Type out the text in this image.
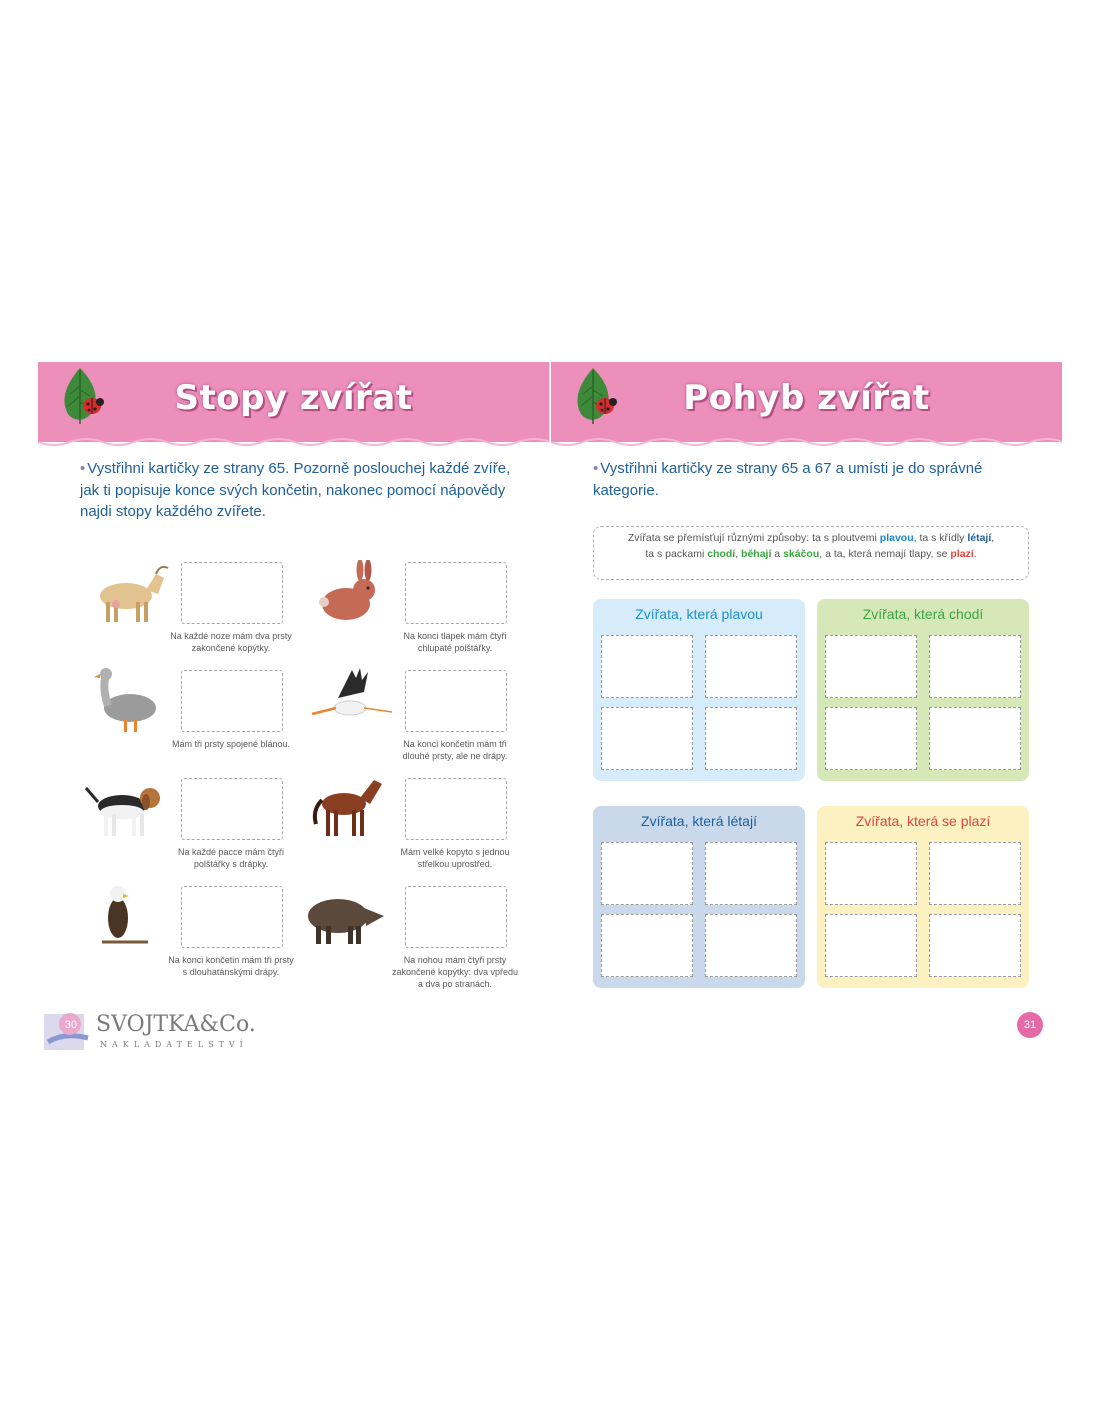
Stopy zvířat
• Vystřihni kartičky ze strany 65. Pozorně poslouchej každé zvíře, jak ti popisuje konce svých končetin, nakonec pomocí nápovědy najdi stopy každého zvířete.
Na každé noze mám dva prsty zakončené kopýtky.
Na konci tlapek mám čtyři chlupaté polštářky.
Mám tři prsty spojené blánou.	Na konci končetin mám tři dlouhé prsty, ale ne drápy.
Na každé pacce mám čtyři polštářky s drápky.
Mám velké kopyto s jednou střelkou uprostřed.
Na konci končetin mám tři prsty s dlouhatánskými drápy.
Na nohou mám čtyři prsty zakončené kopýtky: dva vpředu a dva po stranách.
30 SVOJTKA&Co.
NAKLADATELSTVÍ
Pohyb zvířat
• Vystřihni kartičky ze strany 65 a 67 a umísti je do správné kategorie.
Zvířata se přemísťují různými způsoby: ta s ploutvemi plavou, ta s křídly létají,
ta s packami chodí, běhají a skáčou, a ta, která nemají tlapy, se plazí.
Zvířata, která plavou	Zvířata, která chodí
Zvířata, která létají	Zvířata, která se plazí
31
